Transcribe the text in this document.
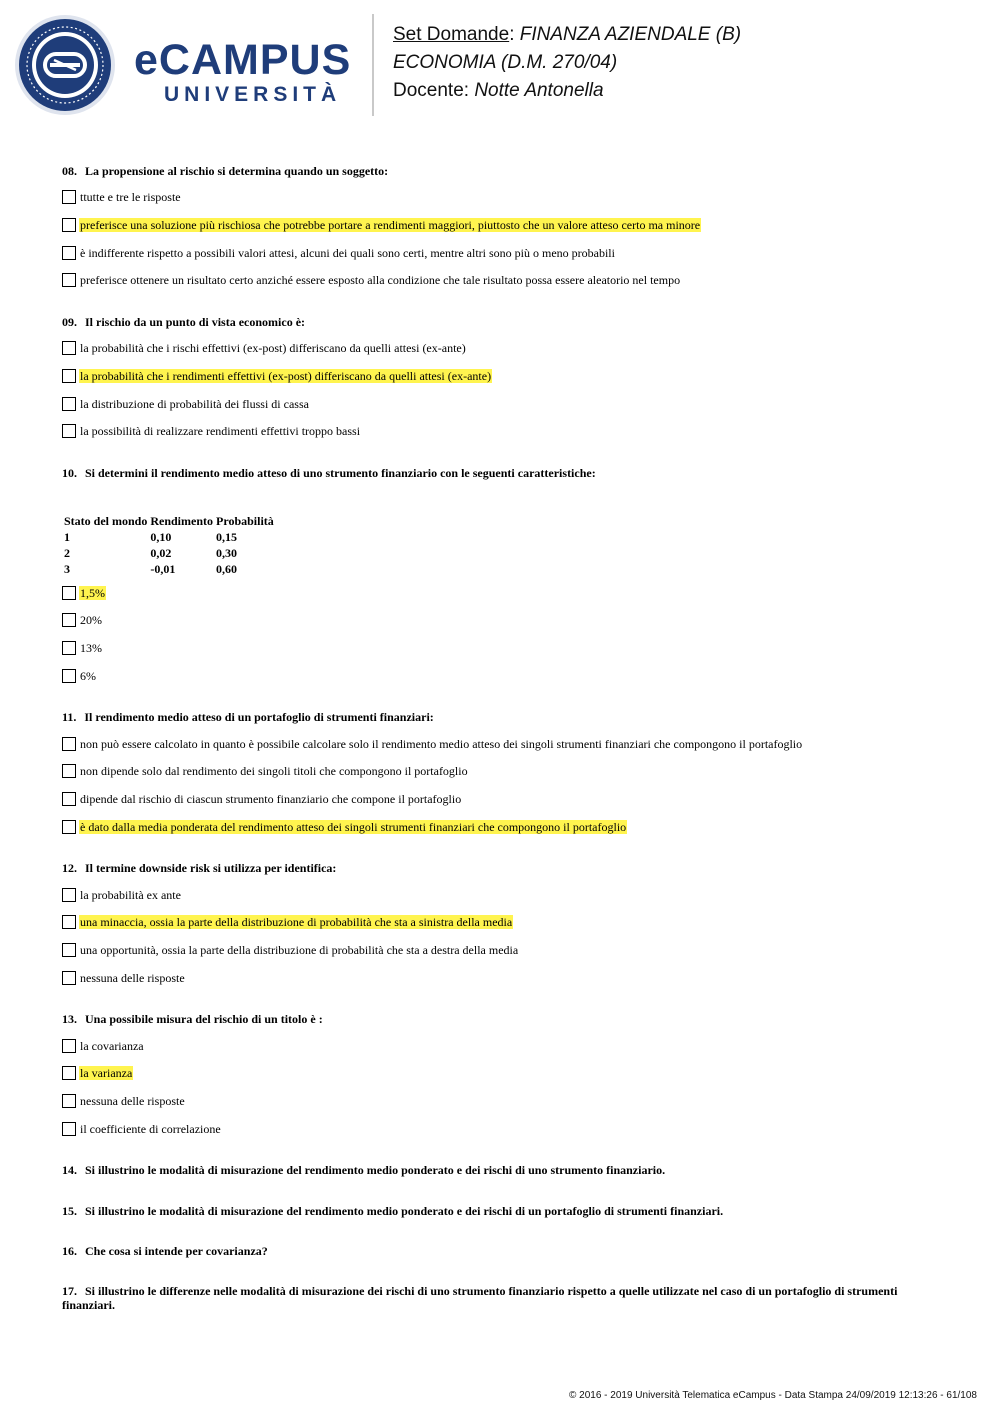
eCAMPUS
UNIVERSITÀ
Set Domande: FINANZA AZIENDALE (B)
ECONOMIA (D.M. 270/04)
Docente: Notte Antonella
08. La propensione al rischio si determina quando un soggetto:
ttutte e tre le risposte
preferisce una soluzione più rischiosa che potrebbe portare a rendimenti maggiori, piuttosto che un valore atteso certo ma minore
è indifferente rispetto a possibili valori attesi, alcuni dei quali sono certi, mentre altri sono più o meno probabili
preferisce ottenere un risultato certo anziché essere esposto alla condizione che tale risultato possa essere aleatorio nel tempo
09. Il rischio da un punto di vista economico è:
la probabilità che i rischi effettivi (ex-post) differiscano da quelli attesi (ex-ante)
la probabilità che i rendimenti effettivi (ex-post) differiscano da quelli attesi (ex-ante)
la distribuzione di probabilità dei flussi di cassa
la possibilità di realizzare rendimenti effettivi troppo bassi
10. Si determini il rendimento medio atteso di uno strumento finanziario con le seguenti caratteristiche:
Stato del mondo	Rendimento	Probabilità
1	0,10	0,15
2	0,02	0,30
3	-0,01	0,60
1,5%
20%
13%
6%
11. Il rendimento medio atteso di un portafoglio di strumenti finanziari:
non può essere calcolato in quanto è possibile calcolare solo il rendimento medio atteso dei singoli strumenti finanziari che compongono il portafoglio
non dipende solo dal rendimento dei singoli titoli che compongono il portafoglio
dipende dal rischio di ciascun strumento finanziario che compone il portafoglio
è dato dalla media ponderata del rendimento atteso dei singoli strumenti finanziari che compongono il portafoglio
12. Il termine downside risk si utilizza per identifica:
la probabilità ex ante
una minaccia, ossia la parte della distribuzione di probabilità che sta a sinistra della media
una opportunità, ossia la parte della distribuzione di probabilità che sta a destra della media
nessuna delle risposte
13. Una possibile misura del rischio di un titolo è :
la covarianza
la varianza
nessuna delle risposte
il coefficiente di correlazione
14. Si illustrino le modalità di misurazione del rendimento medio ponderato e dei rischi di uno strumento finanziario.
15. Si illustrino le modalità di misurazione del rendimento medio ponderato e dei rischi di un portafoglio di strumenti finanziari.
16. Che cosa si intende per covarianza?
17. Si illustrino le differenze nelle modalità di misurazione dei rischi di uno strumento finanziario rispetto a quelle utilizzate nel caso di un portafoglio di strumenti finanziari.
© 2016 - 2019 Università Telematica eCampus - Data Stampa 24/09/2019 12:13:26 - 61/108
